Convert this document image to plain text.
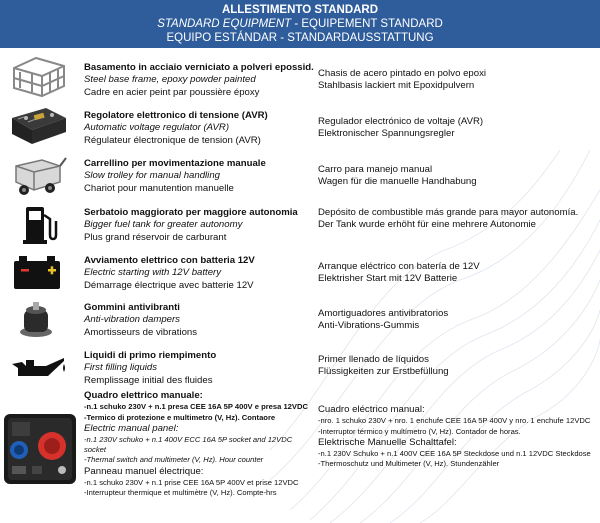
ALLESTIMENTO STANDARD
STANDARD EQUIPMENT - EQUIPEMENT STANDARD
EQUIPO ESTÁNDAR - STANDARDAUSSTATTUNG
Basamento in acciaio verniciato a polveri epossid.
Steel base frame, epoxy powder painted
Cadre en acier peint par poussière époxy
Chasis de acero pintado en polvo epoxi
Stahlbasis lackiert mit Epoxidpulvern
Regolatore elettronico di tensione (AVR)
Automatic voltage regulator (AVR)
Régulateur électronique de tension (AVR)
Regulador electrónico de voltaje (AVR)
Elektronischer Spannungsregler
Carrellino per movimentazione manuale
Slow trolley for manual handling
Chariot pour manutention manuelle
Carro para manejo manual
Wagen für die manuelle Handhabung
Serbatoio maggiorato per maggiore autonomia
Bigger fuel tank for greater autonomy
Plus grand réservoir de carburant
Depósito de combustible más grande para mayor autonomía.
Der Tank wurde erhöht für eine mehrere Autonomie
Avviamento elettrico con batteria 12V
Electric starting with 12V battery
Démarrage électrique avec batterie 12V
Arranque eléctrico con batería de 12V
Elektrisher Start mit 12V Batterie
Gommini antivibranti
Anti-vibration dampers
Amortisseurs de vibrations
Amortiguadores antivibratorios
Anti-Vibrations-Gummis
Liquidi di primo riempimento
First filling liquids
Remplissage initial des fluides
Primer llenado de líquidos
Flüssigkeiten zur Erstbefüllung
Quadro elettrico manuale:
-n.1 schuko 230V + n.1 presa CEE 16A 5P 400V e presa 12VDC
-Termico di protezione e multimetro (V, Hz). Contaore
Electric manual panel:
-n.1 230V schuko + n.1 400V ECC 16A 5P socket and 12VDC socket
-Thermal switch and multimeter (V, Hz). Hour counter
Panneau manuel électrique:
-n.1 schuko 230V + n.1 prise CEE 16A 5P 400V et prise 12VDC
-Interrupteur thermique et multimètre (V, Hz). Compte-hrs
Cuadro eléctrico manual:
-nro. 1 schuko 230V + nro. 1 enchufe CEE 16A 5P 400V y nro. 1 enchufe 12VDC
-Interruptor térmico y multímetro (V, Hz). Contador de horas.
Elektrische Manuelle Schalttafel:
-n.1 230V Schuko + n.1 400V CEE 16A 5P Steckdose und n.1 12VDC Steckdose
-Thermoschutz und Multimeter (V, Hz). Stundenzähler
